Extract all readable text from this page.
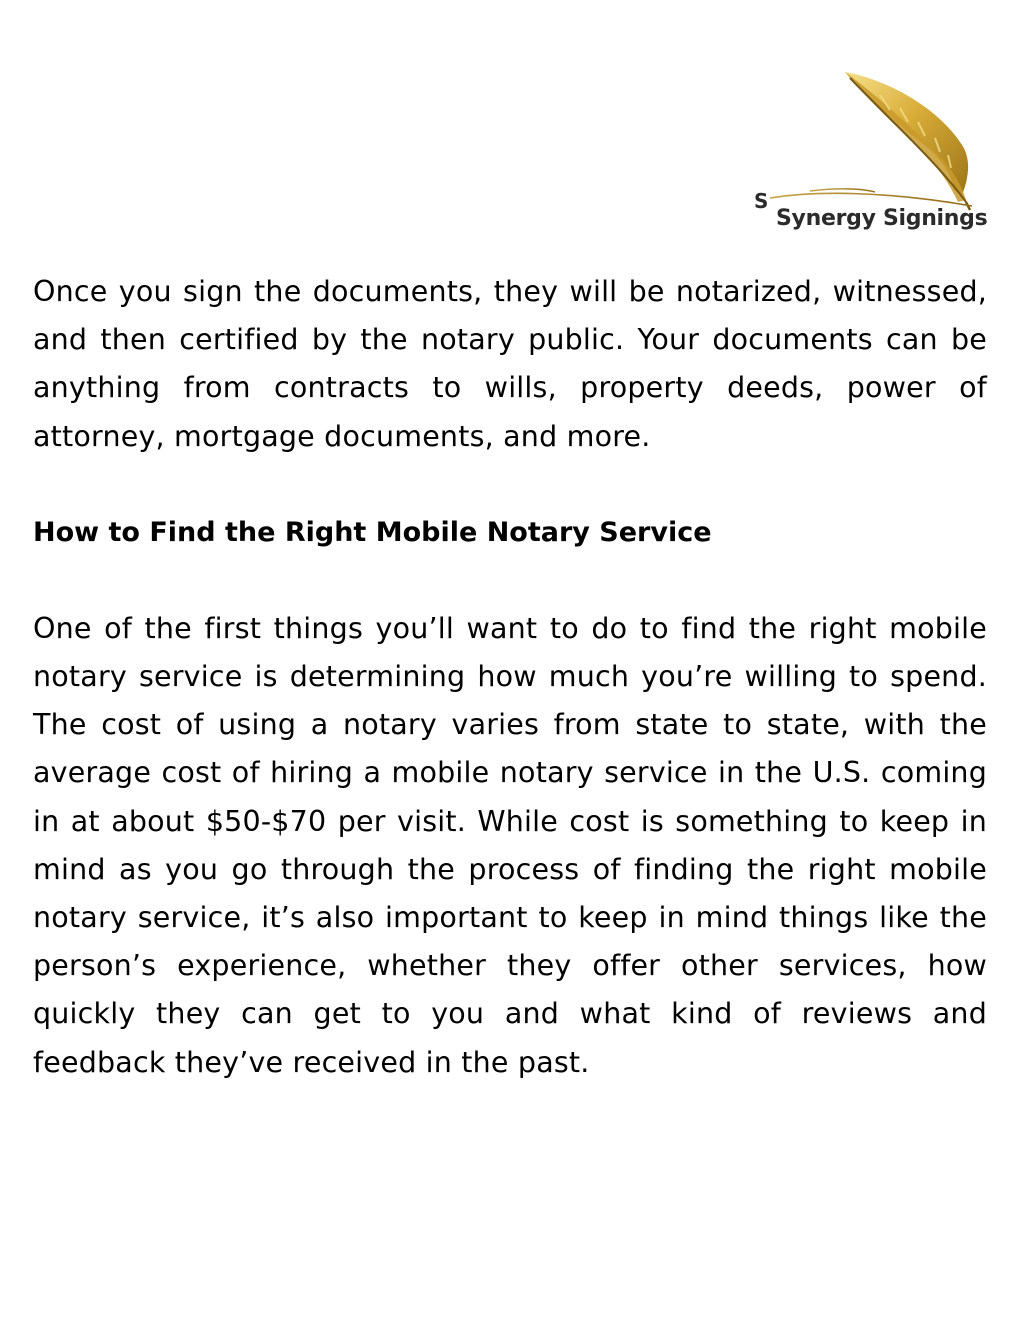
S
Synergy Signings

Once you sign the documents, they will be notarized, witnessed, and then certified by the notary public. Your documents can be anything from contracts to wills, property deeds, power of attorney, mortgage documents, and more.

How to Find the Right Mobile Notary Service

One of the first things you’ll want to do to find the right mobile notary service is determining how much you’re willing to spend. The cost of using a notary varies from state to state, with the average cost of hiring a mobile notary service in the U.S. coming in at about $50-$70 per visit. While cost is something to keep in mind as you go through the process of finding the right mobile notary service, it’s also important to keep in mind things like the person’s experience, whether they offer other services, how quickly they can get to you and what kind of reviews and feedback they’ve received in the past.
